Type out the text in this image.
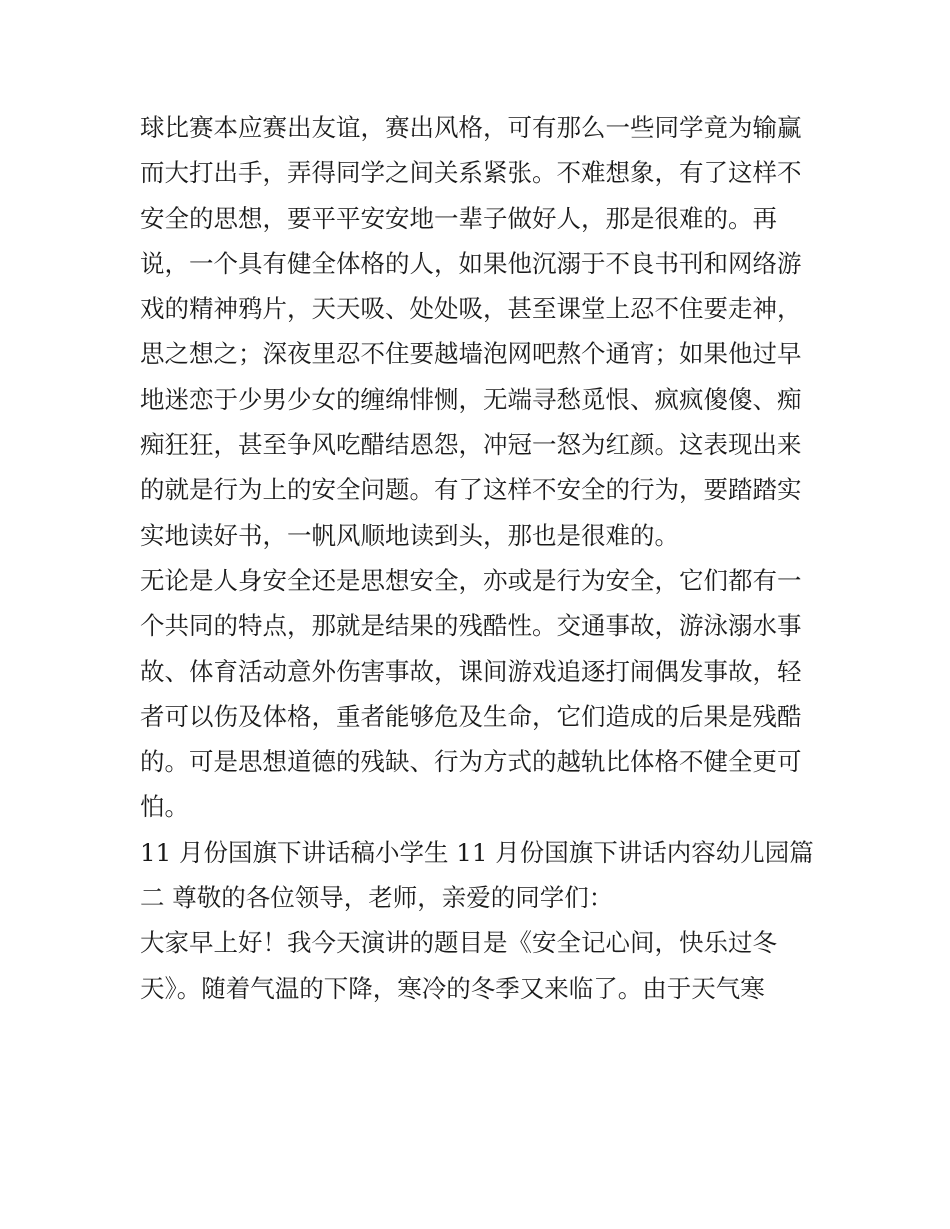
球比赛本应赛出友谊，赛出风格，可有那么一些同学竟为输赢
而大打出手，弄得同学之间关系紧张。不难想象，有了这样不
安全的思想，要平平安安地一辈子做好人，那是很难的。再
说，一个具有健全体格的人，如果他沉溺于不良书刊和网络游
戏的精神鸦片，天天吸、处处吸，甚至课堂上忍不住要走神，
思之想之；深夜里忍不住要越墙泡网吧熬个通宵；如果他过早
地迷恋于少男少女的缠绵悱恻，无端寻愁觅恨、疯疯傻傻、痴
痴狂狂，甚至争风吃醋结恩怨，冲冠一怒为红颜。这表现出来
的就是行为上的安全问题。有了这样不安全的行为，要踏踏实
实地读好书，一帆风顺地读到头，那也是很难的。
无论是人身安全还是思想安全，亦或是行为安全，它们都有一
个共同的特点，那就是结果的残酷性。交通事故，游泳溺水事
故、体育活动意外伤害事故，课间游戏追逐打闹偶发事故，轻
者可以伤及体格，重者能够危及生命，它们造成的后果是残酷
的。可是思想道德的残缺、行为方式的越轨比体格不健全更可
怕。
11 月份国旗下讲话稿小学生 11 月份国旗下讲话内容幼儿园篇
二 尊敬的各位领导，老师，亲爱的同学们：
大家早上好！我今天演讲的题目是《安全记心间，快乐过冬
天》。随着气温的下降，寒冷的冬季又来临了。由于天气寒
